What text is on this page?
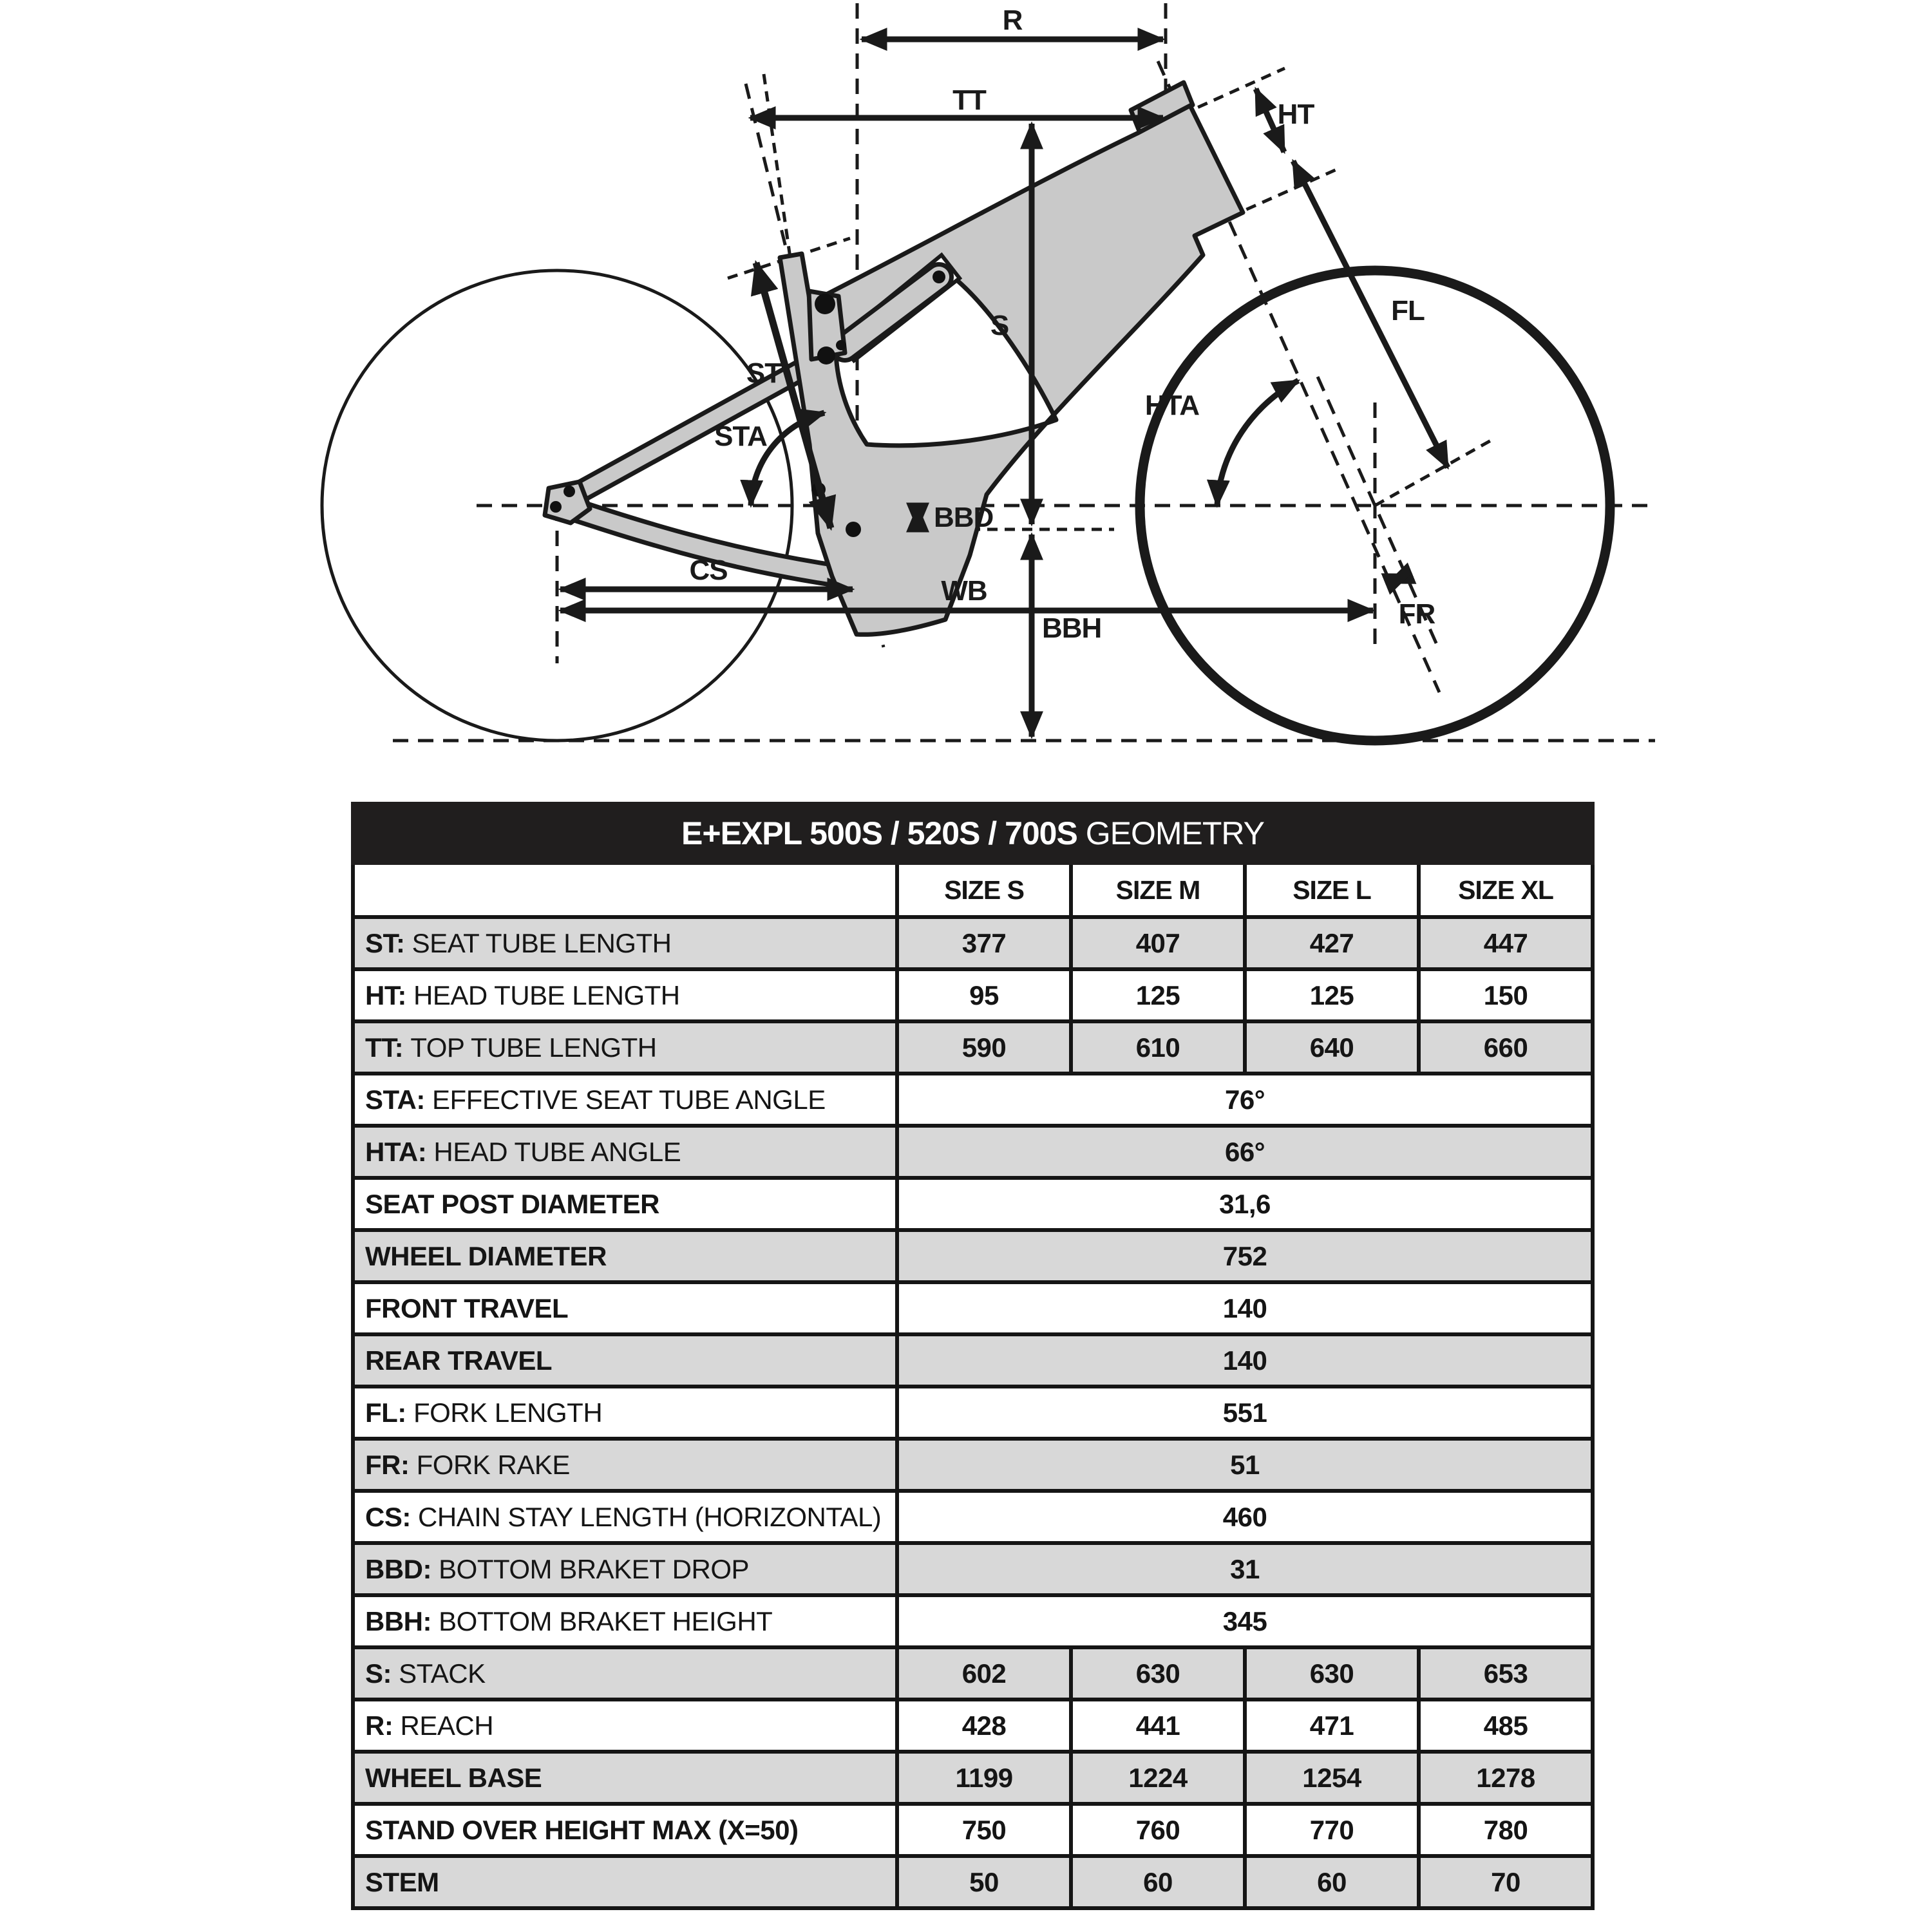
R
TT	HT
FL
S
ST
STA
HTA
BBD
CS
WB
BBH	FR
E+EXPL 500S / 520S / 700S GEOMETRY				
	SIZE S	SIZE M	SIZE L	SIZE XL
ST: SEAT TUBE LENGTH	377	407	427	447
HT: HEAD TUBE LENGTH	95	125	125	150
TT: TOP TUBE LENGTH	590	610	640	660
STA: EFFECTIVE SEAT TUBE ANGLE	76°			
HTA: HEAD TUBE ANGLE	66°			
SEAT POST DIAMETER	31,6			
WHEEL DIAMETER	752			
FRONT TRAVEL	140			
REAR TRAVEL	140			
FL: FORK LENGTH	551			
FR: FORK RAKE	51			
CS: CHAIN STAY LENGTH (HORIZONTAL)	460			
BBD: BOTTOM BRAKET DROP	31			
BBH: BOTTOM BRAKET HEIGHT	345			
S: STACK	602	630	630	653
R: REACH	428	441	471	485
WHEEL BASE	1199	1224	1254	1278
STAND OVER HEIGHT MAX (X=50)	750	760	770	780
STEM	50	60	60	70
